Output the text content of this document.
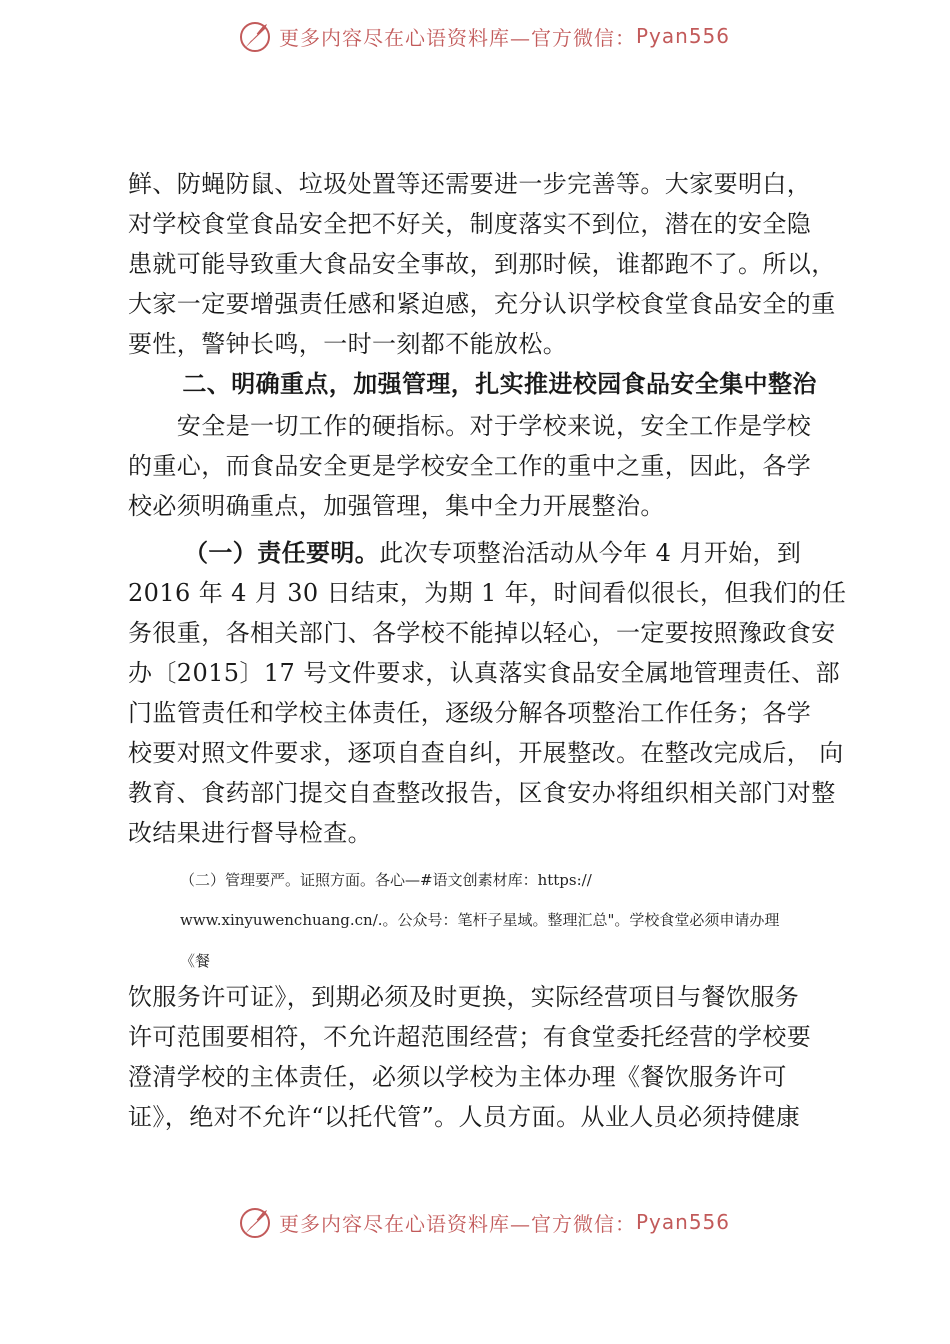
更多内容尽在心语资料库—官方微信： Pyan556
鲜、防蝇防鼠、垃圾处置等还需要进一步完善等。大家要明白，
对学校食堂食品安全把不好关，制度落实不到位，潜在的安全隐
患就可能导致重大食品安全事故，到那时候，谁都跑不了。所以，
大家一定要增强责任感和紧迫感，充分认识学校食堂食品安全的重
要性，警钟长鸣，一时一刻都不能放松。
　二、明确重点，加强管理，扎实推进校园食品安全集中整治
　　安全是一切工作的硬指标。对于学校来说，安全工作是学校
的重心，而食品安全更是学校安全工作的重中之重，因此，各学
校必须明确重点，加强管理，集中全力开展整治。
（一）责任要明。此次专项整治活动从今年 4 月开始，到
2016 年 4 月 30 日结束，为期 1 年，时间看似很长，但我们的任
务很重，各相关部门、各学校不能掉以轻心，一定要按照豫政食安
办〔2015〕17 号文件要求，认真落实食品安全属地管理责任、部
门监管责任和学校主体责任，逐级分解各项整治工作任务；各学
校要对照文件要求，逐项自查自纠，开展整改。在整改完成后， 向
教育、食药部门提交自查整改报告，区食安办将组织相关部门对整
改结果进行督导检查。
（二）管理要严。证照方面。各心—#语文创素材库：https://
www.xinyuwenchuang.cn/.。公众号：笔杆子星域。整理汇总"。学校食堂必须申请办理
《餐
饮服务许可证》，到期必须及时更换，实际经营项目与餐饮服务
许可范围要相符，不允许超范围经营；有食堂委托经营的学校要
澄清学校的主体责任，必须以学校为主体办理《餐饮服务许可
证》，绝对不允许“以托代管”。人员方面。从业人员必须持健康
更多内容尽在心语资料库—官方微信： Pyan556
